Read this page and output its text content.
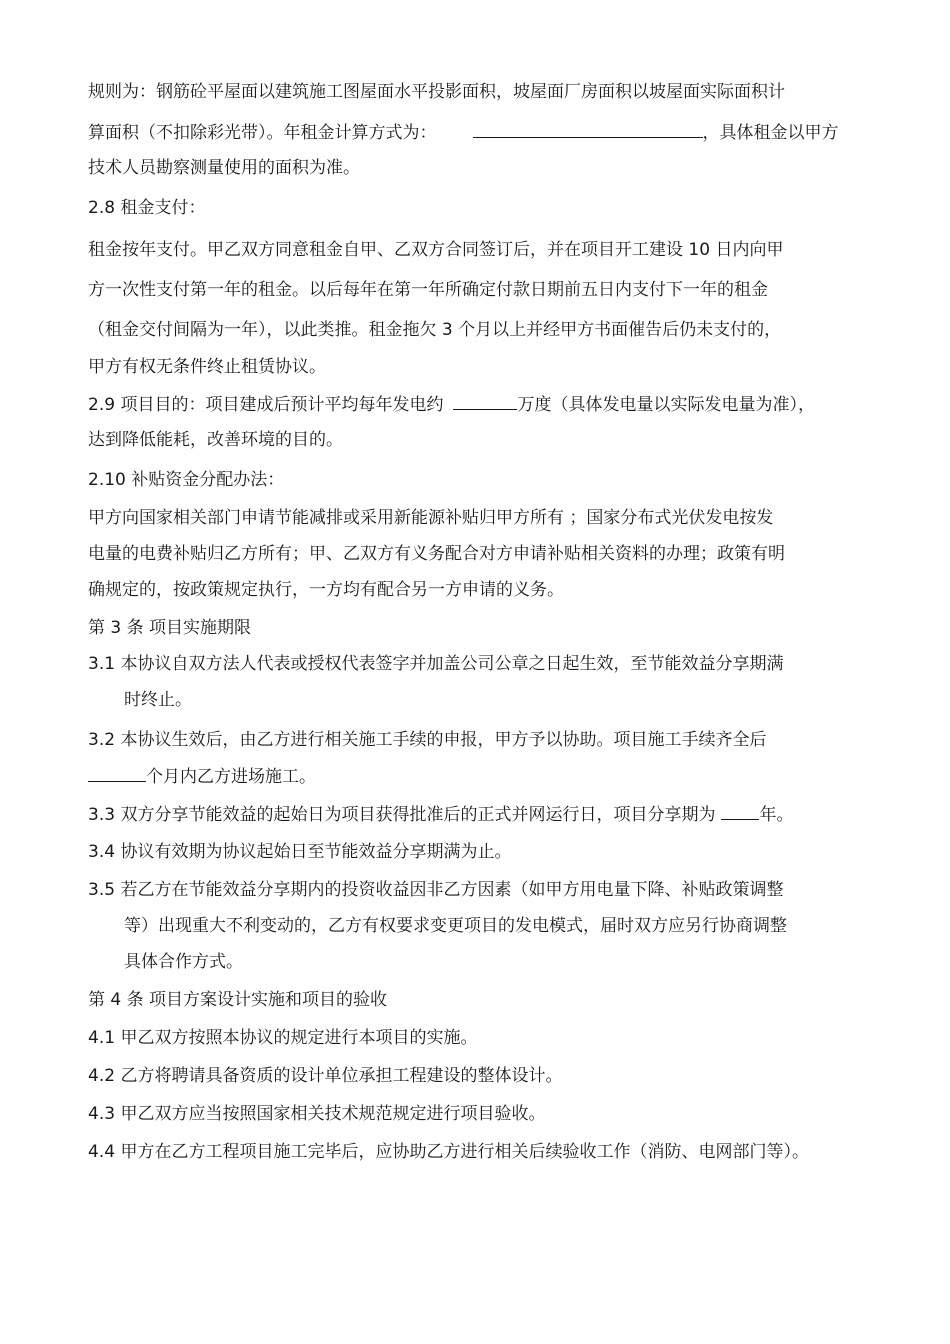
规则为：钢筋砼平屋面以建筑施工图屋面水平投影面积，坡屋面厂房面积以坡屋面实际面积计
算面积（不扣除彩光带）。年租金计算方式为：	，具体租金以甲方
技术人员勘察测量使用的面积为准。
2.8 租金支付：
租金按年支付。甲乙双方同意租金自甲、乙双方合同签订后，并在项目开工建设 10 日内向甲
方一次性支付第一年的租金。以后每年在第一年所确定付款日期前五日内支付下一年的租金
（租金交付间隔为一年），以此类推。租金拖欠 3 个月以上并经甲方书面催告后仍未支付的，
甲方有权无条件终止租赁协议。
2.9 项目目的：项目建成后预计平均每年发电约	万度（具体发电量以实际发电量为准），
达到降低能耗，改善环境的目的。
2.10 补贴资金分配办法：
甲方向国家相关部门申请节能减排或采用新能源补贴归甲方所有 ；国家分布式光伏发电按发
电量的电费补贴归乙方所有；甲、乙双方有义务配合对方申请补贴相关资料的办理；政策有明
确规定的，按政策规定执行，一方均有配合另一方申请的义务。
第 3 条 项目实施期限
3.1 本协议自双方法人代表或授权代表签字并加盖公司公章之日起生效，至节能效益分享期满
时终止。
3.2 本协议生效后，由乙方进行相关施工手续的申报，甲方予以协助。项目施工手续齐全后
个月内乙方进场施工。
3.3 双方分享节能效益的起始日为项目获得批准后的正式并网运行日，项目分享期为	年。
3.4 协议有效期为协议起始日至节能效益分享期满为止。
3.5 若乙方在节能效益分享期内的投资收益因非乙方因素（如甲方用电量下降、补贴政策调整
等）出现重大不利变动的，乙方有权要求变更项目的发电模式，届时双方应另行协商调整
具体合作方式。
第 4 条 项目方案设计实施和项目的验收
4.1 甲乙双方按照本协议的规定进行本项目的实施。
4.2 乙方将聘请具备资质的设计单位承担工程建设的整体设计。
4.3 甲乙双方应当按照国家相关技术规范规定进行项目验收。
4.4 甲方在乙方工程项目施工完毕后，应协助乙方进行相关后续验收工作（消防、电网部门等）。
